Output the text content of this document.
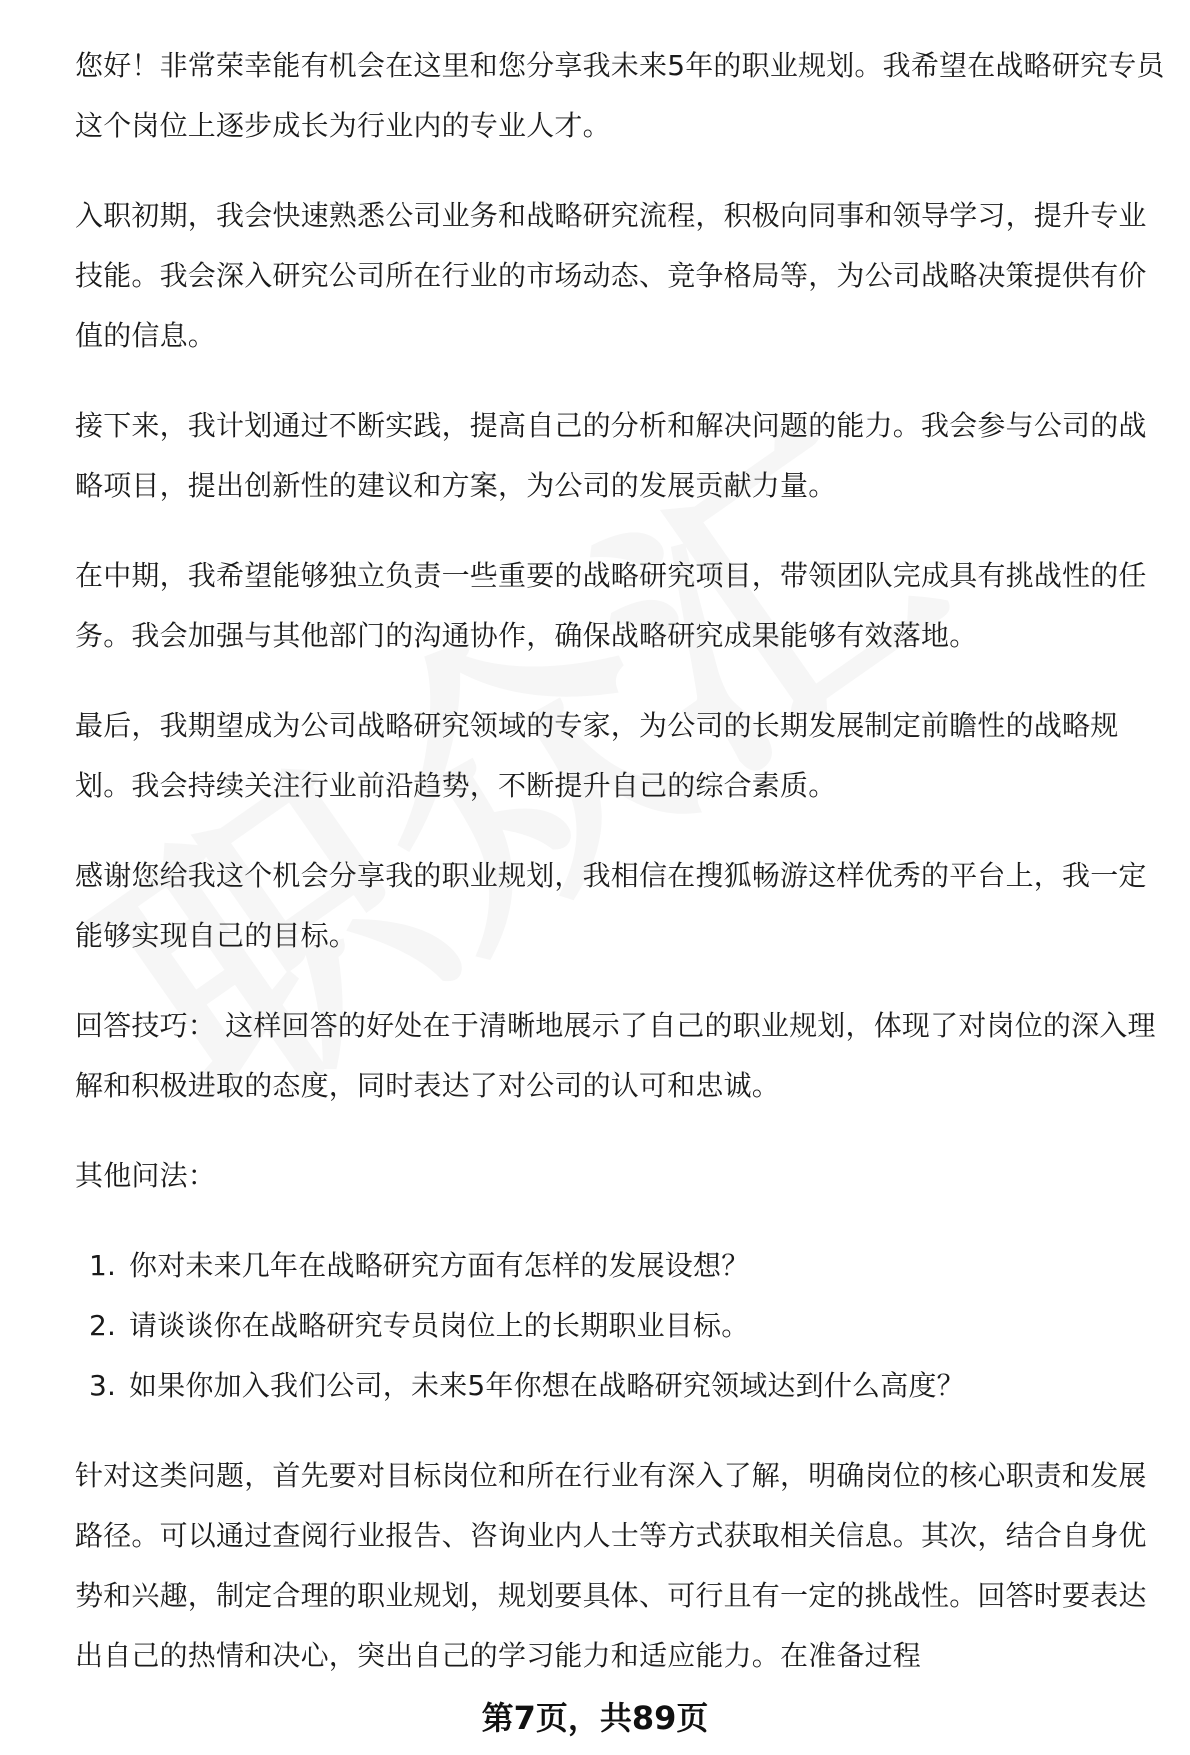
您好！非常荣幸能有机会在这里和您分享我未来5年的职业规划。我希望在战略研究专员这个岗位上逐步成长为行业内的专业人才。

入职初期，我会快速熟悉公司业务和战略研究流程，积极向同事和领导学习，提升专业技能。我会深入研究公司所在行业的市场动态、竞争格局等，为公司战略决策提供有价值的信息。

接下来，我计划通过不断实践，提高自己的分析和解决问题的能力。我会参与公司的战略项目，提出创新性的建议和方案，为公司的发展贡献力量。

在中期，我希望能够独立负责一些重要的战略研究项目，带领团队完成具有挑战性的任务。我会加强与其他部门的沟通协作，确保战略研究成果能够有效落地。

最后，我期望成为公司战略研究领域的专家，为公司的长期发展制定前瞻性的战略规划。我会持续关注行业前沿趋势，不断提升自己的综合素质。

感谢您给我这个机会分享我的职业规划，我相信在搜狐畅游这样优秀的平台上，我一定能够实现自己的目标。

回答技巧： 这样回答的好处在于清晰地展示了自己的职业规划，体现了对岗位的深入理解和积极进取的态度，同时表达了对公司的认可和忠诚。

其他问法：

1. 你对未来几年在战略研究方面有怎样的发展设想？
2. 请谈谈你在战略研究专员岗位上的长期职业目标。
3. 如果你加入我们公司，未来5年你想在战略研究领域达到什么高度？

针对这类问题，首先要对目标岗位和所在行业有深入了解，明确岗位的核心职责和发展路径。可以通过查阅行业报告、咨询业内人士等方式获取相关信息。其次，结合自身优势和兴趣，制定合理的职业规划，规划要具体、可行且有一定的挑战性。回答时要表达出自己的热情和决心，突出自己的学习能力和适应能力。在准备过程

第7页，共89页
